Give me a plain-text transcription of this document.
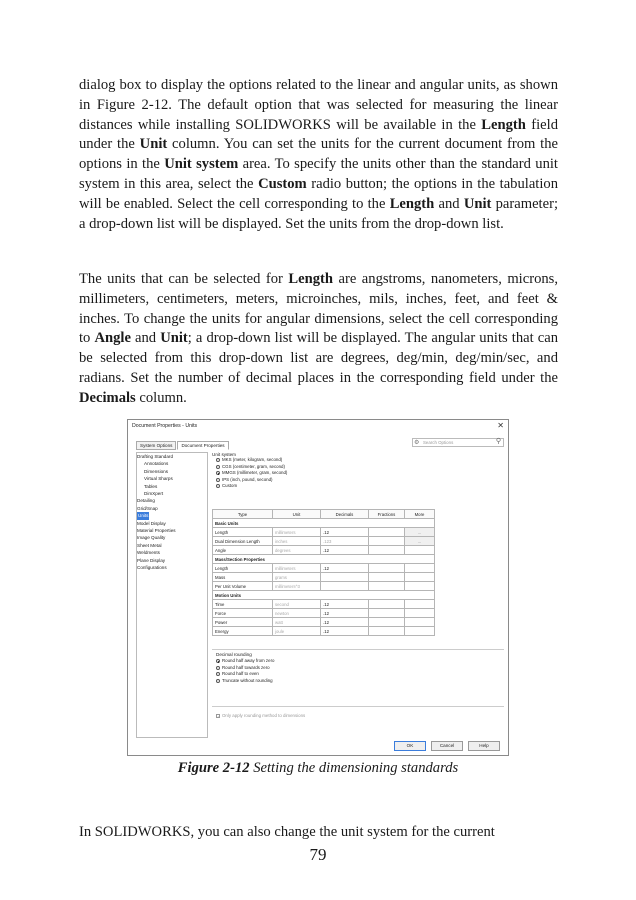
dialog box to display the options related to the linear and angular units, as shown in Figure 2-12. The default option that was selected for measuring the linear distances while installing SOLIDWORKS will be available in the Length field under the Unit column. You can set the units for the current document from the options in the Unit system area. To specify the units other than the standard unit system in this area, select the Custom radio button; the options in the tabulation will be enabled. Select the cell corresponding to the Length and Unit parameter; a drop-down list will be displayed. Set the units from the drop-down list.

The units that can be selected for Length are angstroms, nanometers, microns, millimeters, centimeters, meters, microinches, mils, inches, feet, and feet & inches. To change the units for angular dimensions, select the cell corresponding to Angle and Unit; a drop-down list will be displayed. The angular units that can be selected from this drop-down list are degrees, deg/min, deg/min/sec, and radians. Set the number of decimal places in the corresponding field under the Decimals column.

Document Properties - Units	✕
System Options	Document Properties	⚙ Search Options	⚲
Drafting Standard
Annotations
Dimensions
Virtual Sharps
Tables
DimXpert
Detailing
Grid/Snap
Units
Model Display
Material Properties
Image Quality
Sheet Metal
Weldments
Plane Display
Configurations
Unit system
MKS (meter, kilogram, second)
CGS (centimeter, gram, second)
MMGS (millimeter, gram, second)
IPS (inch, pound, second)
Custom
Type	Unit	Decimals	Fractions	More
Basic Units				
Length	millimeters	.12		...
Dual Dimension Length	inches	.123		...
Angle	degrees	.12		
Mass/Section Properties				
Length	millimeters	.12		
Mass	grams			
Per Unit Volume	millimeters^3			
Motion Units				
Time	second	.12		
Force	newton	.12		
Power	watt	.12		
Energy	joule	.12		
Decimal rounding
Round half away from zero
Round half towards zero
Round half to even
Truncate without rounding
✓ Only apply rounding method to dimensions
OK	Cancel	Help
Figure 2-12 Setting the dimensioning standards

In SOLIDWORKS, you can also change the unit system for the current

79
